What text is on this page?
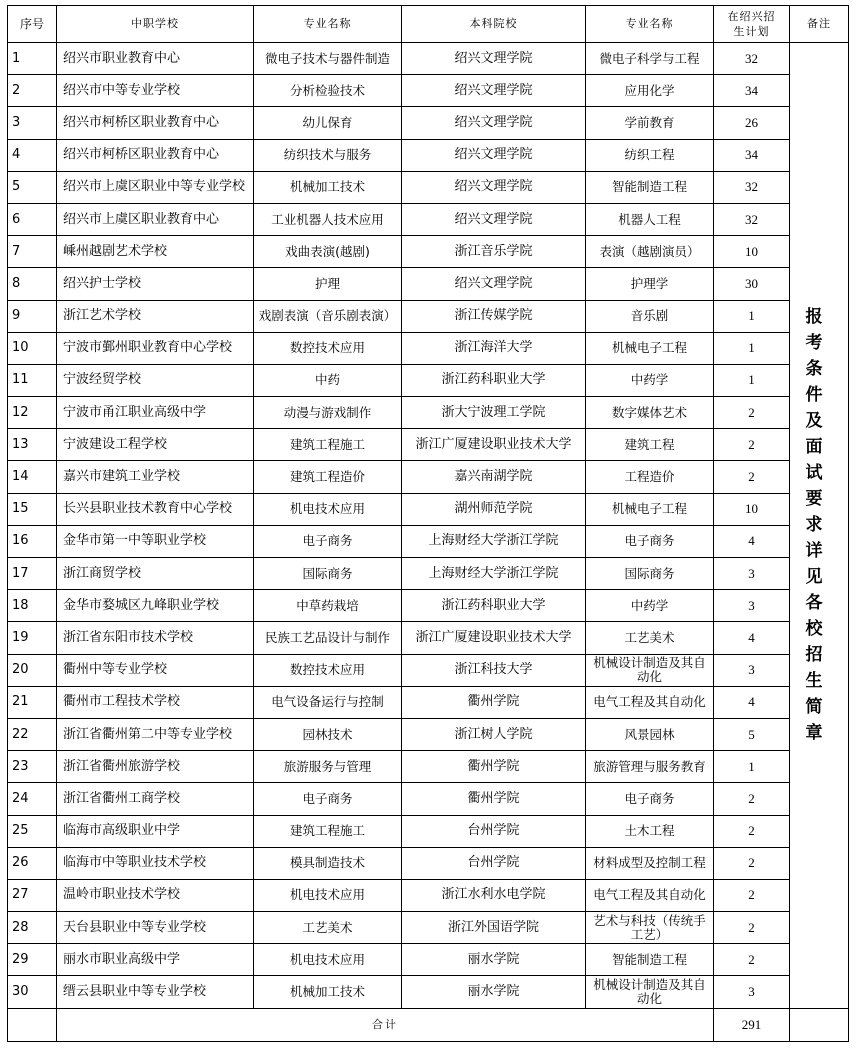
序号	中职学校	专业名称	本科院校	专业名称	在绍兴招生计划	备注
1	绍兴市职业教育中心	微电子技术与器件制造	绍兴文理学院	微电子科学与工程	32	报考条件及面试要求详见各校招生简章
2	绍兴市中等专业学校	分析检验技术	绍兴文理学院	应用化学	34	
3	绍兴市柯桥区职业教育中心	幼儿保育	绍兴文理学院	学前教育	26	
4	绍兴市柯桥区职业教育中心	纺织技术与服务	绍兴文理学院	纺织工程	34	
5	绍兴市上虞区职业中等专业学校	机械加工技术	绍兴文理学院	智能制造工程	32	
6	绍兴市上虞区职业教育中心	工业机器人技术应用	绍兴文理学院	机器人工程	32	
7	嵊州越剧艺术学校	戏曲表演(越剧)	浙江音乐学院	表演（越剧演员）	10	
8	绍兴护士学校	护理	绍兴文理学院	护理学	30	
9	浙江艺术学校	戏剧表演（音乐剧表演）	浙江传媒学院	音乐剧	1	
10	宁波市鄞州职业教育中心学校	数控技术应用	浙江海洋大学	机械电子工程	1	
11	宁波经贸学校	中药	浙江药科职业大学	中药学	1	
12	宁波市甬江职业高级中学	动漫与游戏制作	浙大宁波理工学院	数字媒体艺术	2	
13	宁波建设工程学校	建筑工程施工	浙江广厦建设职业技术大学	建筑工程	2	
14	嘉兴市建筑工业学校	建筑工程造价	嘉兴南湖学院	工程造价	2	
15	长兴县职业技术教育中心学校	机电技术应用	湖州师范学院	机械电子工程	10	
16	金华市第一中等职业学校	电子商务	上海财经大学浙江学院	电子商务	4	
17	浙江商贸学校	国际商务	上海财经大学浙江学院	国际商务	3	
18	金华市婺城区九峰职业学校	中草药栽培	浙江药科职业大学	中药学	3	
19	浙江省东阳市技术学校	民族工艺品设计与制作	浙江广厦建设职业技术大学	工艺美术	4	
20	衢州中等专业学校	数控技术应用	浙江科技大学	机械设计制造及其自动化	3	
21	衢州市工程技术学校	电气设备运行与控制	衢州学院	电气工程及其自动化	4	
22	浙江省衢州第二中等专业学校	园林技术	浙江树人学院	风景园林	5	
23	浙江省衢州旅游学校	旅游服务与管理	衢州学院	旅游管理与服务教育	1	
24	浙江省衢州工商学校	电子商务	衢州学院	电子商务	2	
25	临海市高级职业中学	建筑工程施工	台州学院	土木工程	2	
26	临海市中等职业技术学校	模具制造技术	台州学院	材料成型及控制工程	2	
27	温岭市职业技术学校	机电技术应用	浙江水利水电学院	电气工程及其自动化	2	
28	天台县职业中等专业学校	工艺美术	浙江外国语学院	艺术与科技（传统手工艺）	2	
29	丽水市职业高级中学	机电技术应用	丽水学院	智能制造工程	2	
30	缙云县职业中等专业学校	机械加工技术	丽水学院	机械设计制造及其自动化	3	
	合计				291	
